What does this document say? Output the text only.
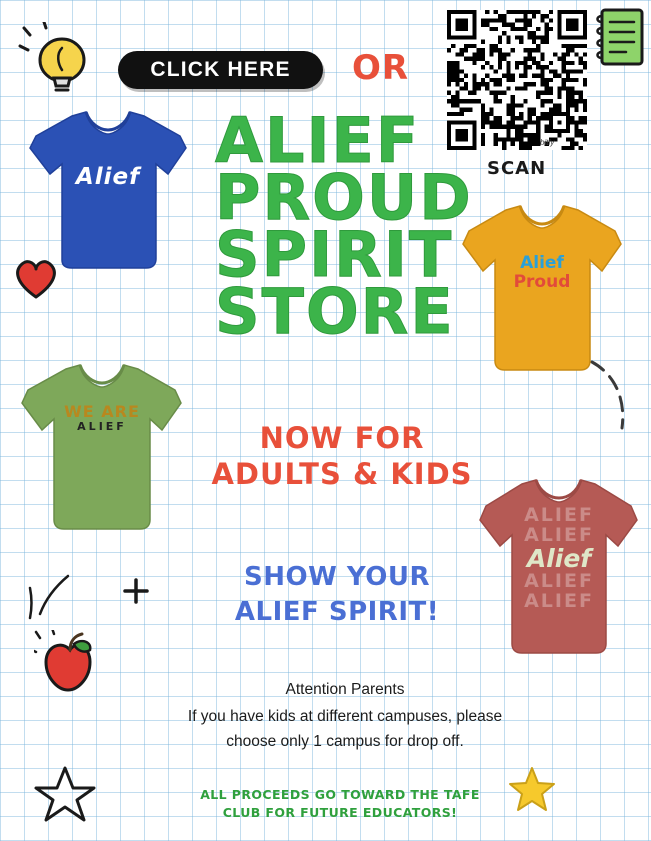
Alief
Alief
Proud
WE ARE
ALIEF
ALIEF
ALIEF
Alief
ALIEF
ALIEF
CLICK HERE OR
bitly
SCAN
ALIEF
PROUD
SPIRIT
STORE
NOW FOR
ADULTS & KIDS
SHOW YOUR
ALIEF SPIRIT!
Attention Parents
If you have kids at different campuses, please
choose only 1 campus for drop off.
ALL PROCEEDS GO TOWARD THE TAFE
CLUB FOR FUTURE EDUCATORS!
